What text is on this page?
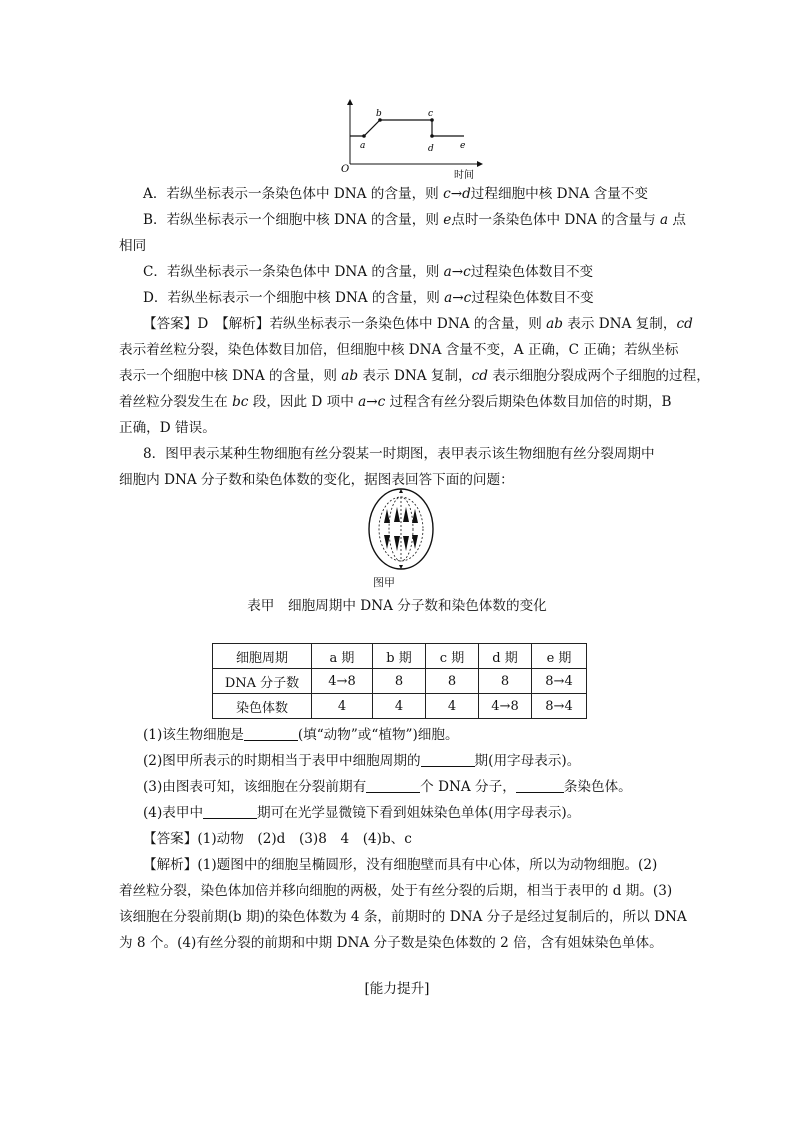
O
a
b	c
d	e
时间
A．若纵坐标表示一条染色体中 DNA 的含量，则 c→d过程细胞中核 DNA 含量不变
B．若纵坐标表示一个细胞中核 DNA 的含量，则 e点时一条染色体中 DNA 的含量与 a 点
相同
C．若纵坐标表示一条染色体中 DNA 的含量，则 a→c过程染色体数目不变
D．若纵坐标表示一个细胞中核 DNA 的含量，则 a→c过程染色体数目不变
【答案】D　【解析】若纵坐标表示一条染色体中 DNA 的含量，则 ab 表示 DNA 复制，cd
表示着丝粒分裂，染色体数目加倍，但细胞中核 DNA 含量不变，A 正确，C 正确；若纵坐标
表示一个细胞中核 DNA 的含量，则 ab 表示 DNA 复制，cd 表示细胞分裂成两个子细胞的过程，
着丝粒分裂发生在 bc 段，因此 D 项中 a→c 过程含有丝分裂后期染色体数目加倍的时期，B
正确，D 错误。
8．图甲表示某种生物细胞有丝分裂某一时期图，表甲表示该生物细胞有丝分裂周期中
细胞内 DNA 分子数和染色体数的变化，据图表回答下面的问题：
图甲
表甲　细胞周期中 DNA 分子数和染色体数的变化
细胞周期	a 期	b 期	c 期	d 期	e 期
DNA 分子数	4→8	8	8	8	8→4
染色体数	4	4	4	4→8	8→4
(1)该生物细胞是	(填“动物”或“植物”)细胞。
(2)图甲所表示的时期相当于表甲中细胞周期的	期(用字母表示)。
(3)由图表可知，该细胞在分裂前期有	个 DNA 分子，	条染色体。
(4)表甲中	期可在光学显微镜下看到姐妹染色单体(用字母表示)。
【答案】(1)动物　(2)d　(3)8　4　(4)b、c
【解析】(1)题图中的细胞呈椭圆形，没有细胞壁而具有中心体，所以为动物细胞。(2)
着丝粒分裂，染色体加倍并移向细胞的两极，处于有丝分裂的后期，相当于表甲的 d 期。(3)
该细胞在分裂前期(b 期)的染色体数为 4 条，前期时的 DNA 分子是经过复制后的，所以 DNA
为 8 个。(4)有丝分裂的前期和中期 DNA 分子数是染色体数的 2 倍，含有姐妹染色单体。
[能力提升]
